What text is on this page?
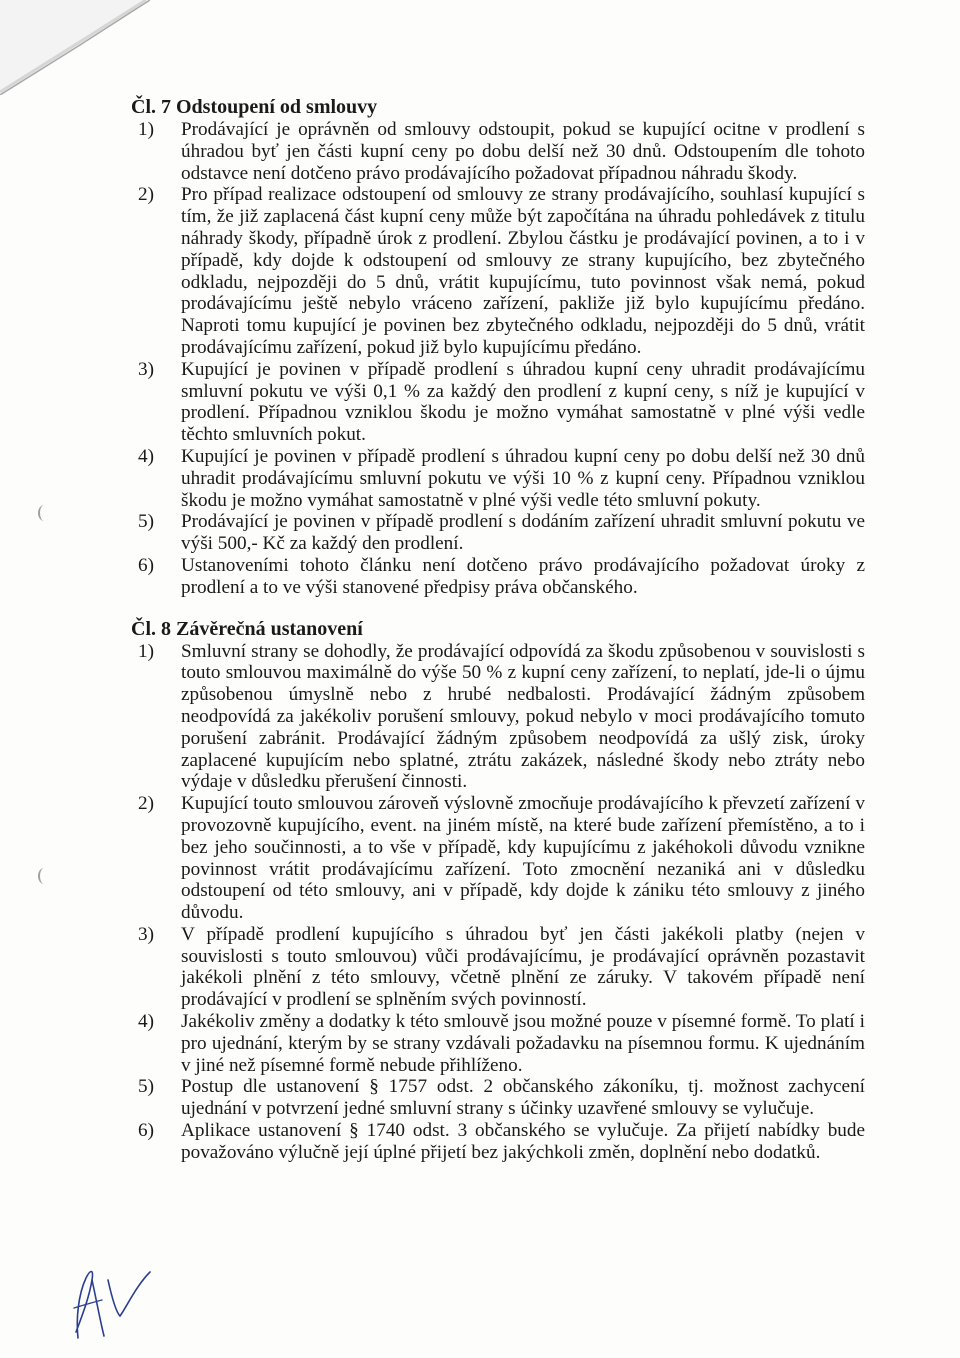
Čl. 7 Odstoupení od smlouvy
1)	Prodávající je oprávněn od smlouvy odstoupit, pokud se kupující ocitne v prodlení s úhradou byť jen části kupní ceny po dobu delší než 30 dnů. Odstoupením dle tohoto odstavce není dotčeno právo prodávajícího požadovat případnou náhradu škody.
2)	Pro případ realizace odstoupení od smlouvy ze strany prodávajícího, souhlasí kupující s tím, že již zaplacená část kupní ceny může být započítána na úhradu pohledávek z titulu náhrady škody, případně úrok z prodlení. Zbylou částku je prodávající povinen, a to i v případě, kdy dojde k odstoupení od smlouvy ze strany kupujícího, bez zbytečného odkladu, nejpozději do 5 dnů, vrátit kupujícímu, tuto povinnost však nemá, pokud prodávajícímu ještě nebylo vráceno zařízení, pakliže již bylo kupujícímu předáno. Naproti tomu kupující je povinen bez zbytečného odkladu, nejpozději do 5 dnů, vrátit prodávajícímu zařízení, pokud již bylo kupujícímu předáno.
3)	Kupující je povinen v případě prodlení s úhradou kupní ceny uhradit prodávajícímu smluvní pokutu ve výši 0,1 % za každý den prodlení z kupní ceny, s níž je kupující v prodlení. Případnou vzniklou škodu je možno vymáhat samostatně v plné výši vedle těchto smluvních pokut.
4)	Kupující je povinen v případě prodlení s úhradou kupní ceny po dobu delší než 30 dnů uhradit prodávajícímu smluvní pokutu ve výši 10 % z kupní ceny. Případnou vzniklou škodu je možno vymáhat samostatně v plné výši vedle této smluvní pokuty.
5)	Prodávající je povinen v případě prodlení s dodáním zařízení uhradit smluvní pokutu ve výši 500,- Kč za každý den prodlení.
6)	Ustanoveními tohoto článku není dotčeno právo prodávajícího požadovat úroky z prodlení a to ve výši stanovené předpisy práva občanského.
Čl. 8 Závěrečná ustanovení
1)	Smluvní strany se dohodly, že prodávající odpovídá za škodu způsobenou v souvislosti s touto smlouvou maximálně do výše 50 % z kupní ceny zařízení, to neplatí, jde-li o újmu způsobenou úmyslně nebo z hrubé nedbalosti. Prodávající žádným způsobem neodpovídá za jakékoliv porušení smlouvy, pokud nebylo v moci prodávajícího tomuto porušení zabránit. Prodávající žádným způsobem neodpovídá za ušlý zisk, úroky zaplacené kupujícím nebo splatné, ztrátu zakázek, následné škody nebo ztráty nebo výdaje v důsledku přerušení činnosti.
2)	Kupující touto smlouvou zároveň výslovně zmocňuje prodávajícího k převzetí zařízení v provozovně kupujícího, event. na jiném místě, na které bude zařízení přemístěno, a to i bez jeho součinnosti, a to vše v případě, kdy kupujícímu z jakéhokoli důvodu vznikne povinnost vrátit prodávajícímu zařízení. Toto zmocnění nezaniká ani v důsledku odstoupení od této smlouvy, ani v případě, kdy dojde k zániku této smlouvy z jiného důvodu.
3)	V případě prodlení kupujícího s úhradou byť jen části jakékoli platby (nejen v souvislosti s touto smlouvou) vůči prodávajícímu, je prodávající oprávněn pozastavit jakékoli plnění z této smlouvy, včetně plnění ze záruky. V takovém případě není prodávající v prodlení se splněním svých povinností.
4)	Jakékoliv změny a dodatky k této smlouvě jsou možné pouze v písemné formě. To platí i pro ujednání, kterým by se strany vzdávali požadavku na písemnou formu. K ujednáním v jiné než písemné formě nebude přihlíženo.
5)	Postup dle ustanovení § 1757 odst. 2 občanského zákoníku, tj. možnost zachycení ujednání v potvrzení jedné smluvní strany s účinky uzavřené smlouvy se vylučuje.
6)	Aplikace ustanovení § 1740 odst. 3 občanského se vylučuje. Za přijetí nabídky bude považováno výlučně její úplné přijetí bez jakýchkoli změn, doplnění nebo dodatků.
